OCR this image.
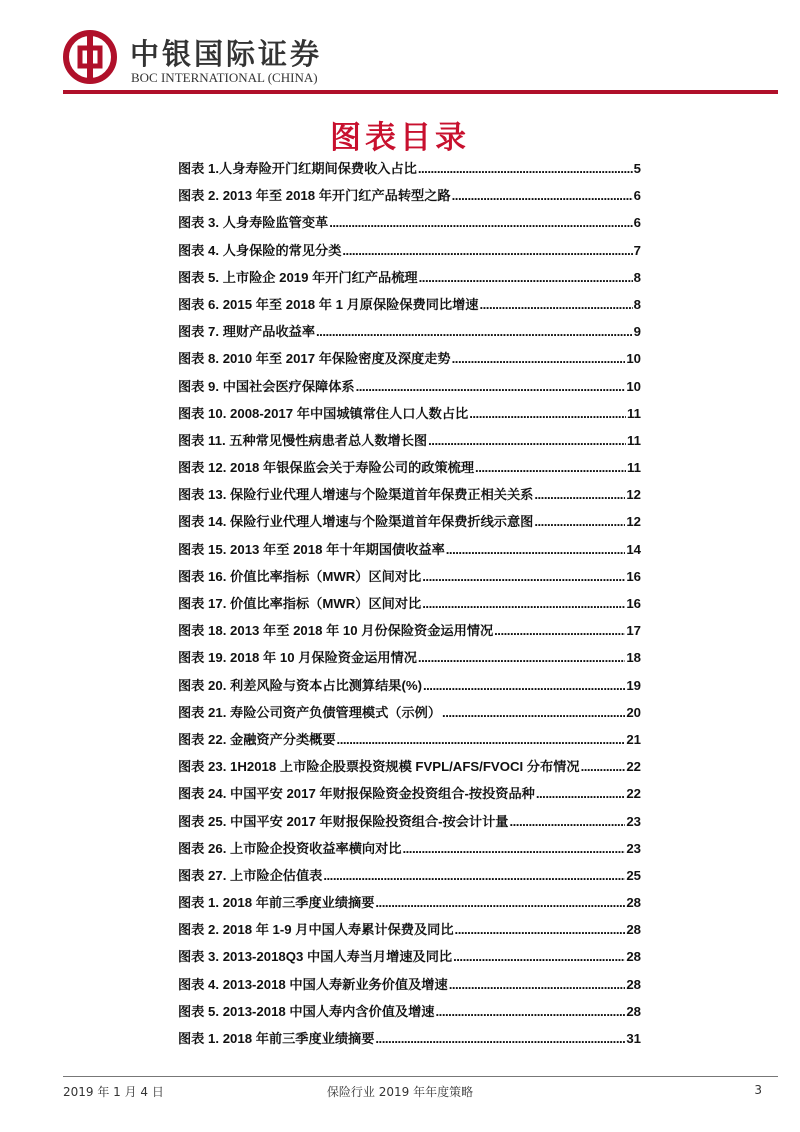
中银国际证券
BOC INTERNATIONAL (CHINA)
图表目录
图表 1.人身寿险开门红期间保费收入占比 .....	5
图表 2. 2013 年至 2018 年开门红产品转型之路 .....	6
图表 3. 人身寿险监管变革 .....	6
图表 4. 人身保险的常见分类 .....	7
图表 5. 上市险企 2019 年开门红产品梳理 .....	8
图表 6. 2015 年至 2018 年 1 月原保险保费同比增速 .....	8
图表 7. 理财产品收益率 .....	9
图表 8. 2010 年至 2017 年保险密度及深度走势 .....	10
图表 9. 中国社会医疗保障体系 .....	10
图表 10. 2008-2017 年中国城镇常住人口人数占比 .....	11
图表 11. 五种常见慢性病患者总人数增长图 .....	11
图表 12. 2018 年银保监会关于寿险公司的政策梳理 .....	11
图表 13. 保险行业代理人增速与个险渠道首年保费正相关关系 .....	12
图表 14. 保险行业代理人增速与个险渠道首年保费折线示意图 .....	12
图表 15. 2013 年至 2018 年十年期国债收益率 .....	14
图表 16. 价值比率指标（MWR）区间对比 .....	16
图表 17. 价值比率指标（MWR）区间对比 .....	16
图表 18. 2013 年至 2018 年 10 月份保险资金运用情况 .....	17
图表 19. 2018 年 10 月保险资金运用情况 .....	18
图表 20. 利差风险与资本占比测算结果(%) .....	19
图表 21. 寿险公司资产负债管理模式（示例） .....	20
图表 22. 金融资产分类概要 .....	21
图表 23. 1H2018 上市险企股票投资规模 FVPL/AFS/FVOCI 分布情况 .....	22
图表 24. 中国平安 2017 年财报保险资金投资组合-按投资品种 .....	22
图表 25. 中国平安 2017 年财报保险投资组合-按会计计量 .....	23
图表 26. 上市险企投资收益率横向对比 .....	23
图表 27. 上市险企估值表 .....	25
图表 1. 2018 年前三季度业绩摘要 .....	28
图表 2. 2018 年 1-9 月中国人寿累计保费及同比 .....	28
图表 3. 2013-2018Q3 中国人寿当月增速及同比 .....	28
图表 4. 2013-2018 中国人寿新业务价值及增速 .....	28
图表 5. 2013-2018 中国人寿内含价值及增速 .....	28
图表 1. 2018 年前三季度业绩摘要 .....	31
2019 年 1 月 4 日	保险行业 2019 年年度策略	3
